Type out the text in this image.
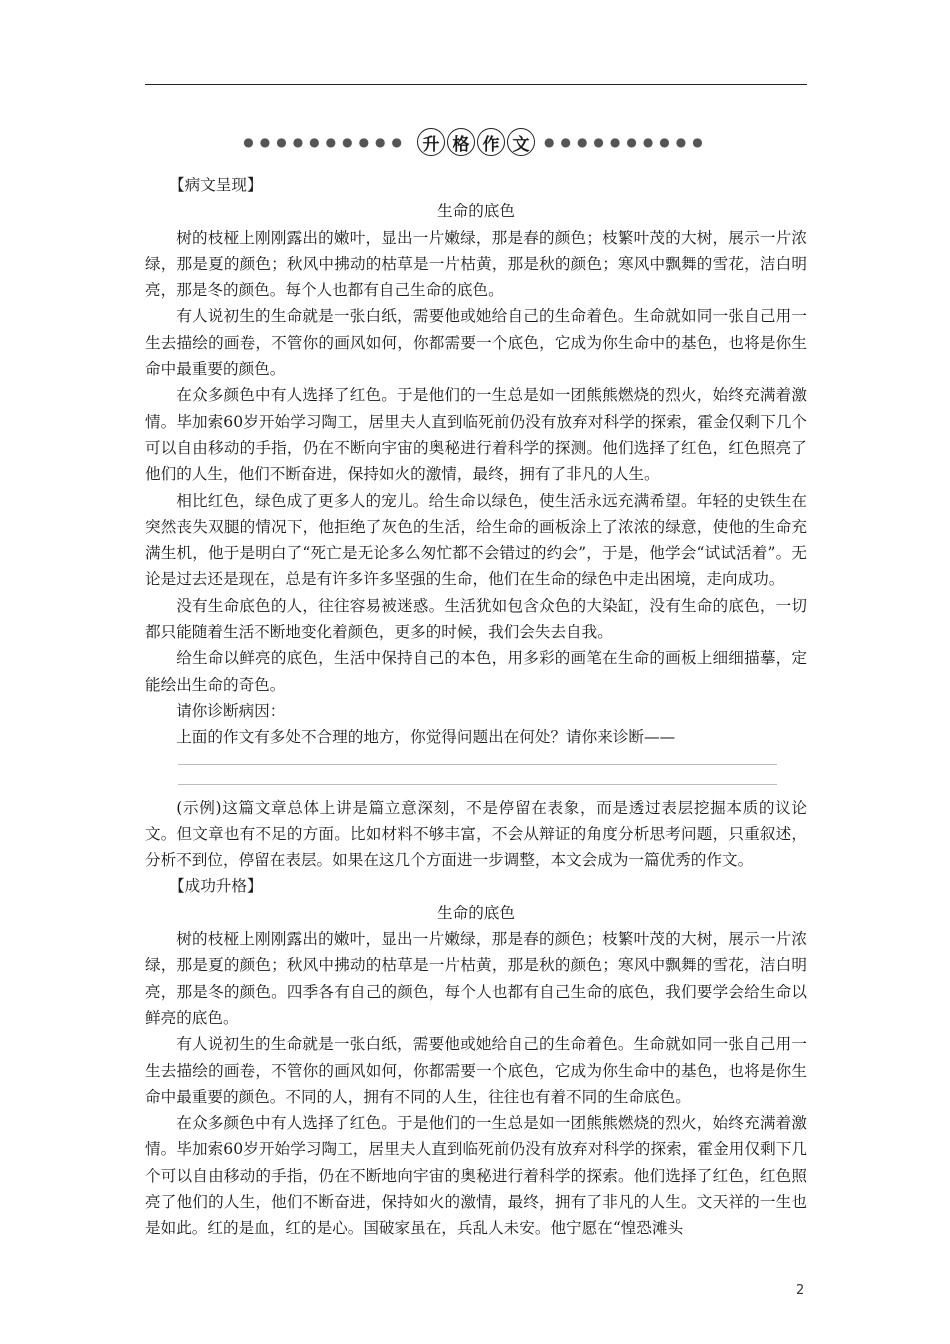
●●●●●●●●●● 升 格 作 文	●●●●●●●●●●

【病文呈现】

生命的底色

树的枝桠上刚刚露出的嫩叶，显出一片嫩绿，那是春的颜色；枝繁叶茂的大树，展示一片浓绿，那是夏的颜色；秋风中拂动的枯草是一片枯黄，那是秋的颜色；寒风中飘舞的雪花，洁白明亮，那是冬的颜色。每个人也都有自己生命的底色。

有人说初生的生命就是一张白纸，需要他或她给自己的生命着色。生命就如同一张自己用一生去描绘的画卷，不管你的画风如何，你都需要一个底色，它成为你生命中的基色，也将是你生命中最重要的颜色。

在众多颜色中有人选择了红色。于是他们的一生总是如一团熊熊燃烧的烈火，始终充满着激情。毕加索60岁开始学习陶工，居里夫人直到临死前仍没有放弃对科学的探索，霍金仅剩下几个可以自由移动的手指，仍在不断向宇宙的奥秘进行着科学的探测。他们选择了红色，红色照亮了他们的人生，他们不断奋进，保持如火的激情，最终，拥有了非凡的人生。

相比红色，绿色成了更多人的宠儿。给生命以绿色，使生活永远充满希望。年轻的史铁生在突然丧失双腿的情况下，他拒绝了灰色的生活，给生命的画板涂上了浓浓的绿意，使他的生命充满生机，他于是明白了“死亡是无论多么匆忙都不会错过的约会”，于是，他学会“试试活着”。无论是过去还是现在，总是有许多许多坚强的生命，他们在生命的绿色中走出困境，走向成功。

没有生命底色的人，往往容易被迷惑。生活犹如包含众色的大染缸，没有生命的底色，一切都只能随着生活不断地变化着颜色，更多的时候，我们会失去自我。

给生命以鲜亮的底色，生活中保持自己的本色，用多彩的画笔在生命的画板上细细描摹，定能绘出生命的奇色。

请你诊断病因：

上面的作文有多处不合理的地方，你觉得问题出在何处？请你来诊断——

(示例)这篇文章总体上讲是篇立意深刻，不是停留在表象，而是透过表层挖掘本质的议论文。但文章也有不足的方面。比如材料不够丰富，不会从辩证的角度分析思考问题，只重叙述，分析不到位，停留在表层。如果在这几个方面进一步调整，本文会成为一篇优秀的作文。

【成功升格】

生命的底色

树的枝桠上刚刚露出的嫩叶，显出一片嫩绿，那是春的颜色；枝繁叶茂的大树，展示一片浓绿，那是夏的颜色；秋风中拂动的枯草是一片枯黄，那是秋的颜色；寒风中飘舞的雪花，洁白明亮，那是冬的颜色。四季各有自己的颜色，每个人也都有自己生命的底色，我们要学会给生命以鲜亮的底色。

有人说初生的生命就是一张白纸，需要他或她给自己的生命着色。生命就如同一张自己用一生去描绘的画卷，不管你的画风如何，你都需要一个底色，它成为你生命中的基色，也将是你生命中最重要的颜色。不同的人，拥有不同的人生，往往也有着不同的生命底色。

在众多颜色中有人选择了红色。于是他们的一生总是如一团熊熊燃烧的烈火，始终充满着激情。毕加索60岁开始学习陶工，居里夫人直到临死前仍没有放弃对科学的探索，霍金用仅剩下几个可以自由移动的手指，仍在不断地向宇宙的奥秘进行着科学的探索。他们选择了红色，红色照亮了他们的人生，他们不断奋进，保持如火的激情，最终，拥有了非凡的人生。文天祥的一生也是如此。红的是血，红的是心。国破家虽在，兵乱人未安。他宁愿在“惶恐滩头

2
